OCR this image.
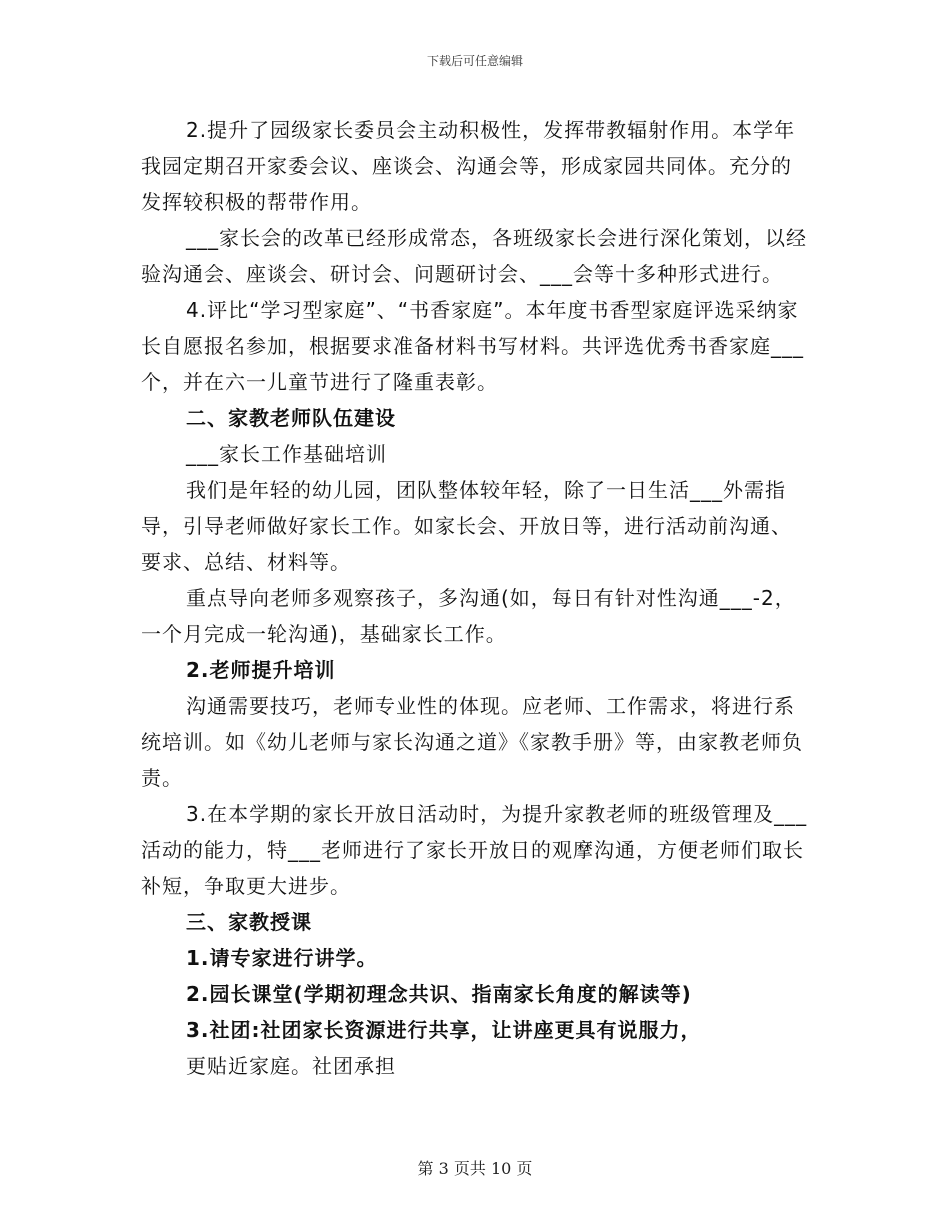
下载后可任意编辑

2.提升了园级家长委员会主动积极性，发挥带教辐射作用。本学年我园定期召开家委会议、座谈会、沟通会等，形成家园共同体。充分的发挥较积极的帮带作用。

___家长会的改革已经形成常态，各班级家长会进行深化策划，以经验沟通会、座谈会、研讨会、问题研讨会、___会等十多种形式进行。

4.评比“学习型家庭”、“书香家庭”。本年度书香型家庭评选采纳家长自愿报名参加，根据要求准备材料书写材料。共评选优秀书香家庭___个，并在六一儿童节进行了隆重表彰。

二、家教老师队伍建设

___家长工作基础培训

我们是年轻的幼儿园，团队整体较年轻，除了一日生活___外需指导，引导老师做好家长工作。如家长会、开放日等，进行活动前沟通、要求、总结、材料等。

重点导向老师多观察孩子，多沟通(如，每日有针对性沟通___-2，一个月完成一轮沟通)，基础家长工作。

2.老师提升培训

沟通需要技巧，老师专业性的体现。应老师、工作需求，将进行系统培训。如《幼儿老师与家长沟通之道》《家教手册》等，由家教老师负责。

3.在本学期的家长开放日活动时，为提升家教老师的班级管理及___活动的能力，特___老师进行了家长开放日的观摩沟通，方便老师们取长补短，争取更大进步。

三、家教授课

1.请专家进行讲学。

2.园长课堂(学期初理念共识、指南家长角度的解读等)

3.社团:社团家长资源进行共享，让讲座更具有说服力，

更贴近家庭。社团承担

第 3 页共 10 页
